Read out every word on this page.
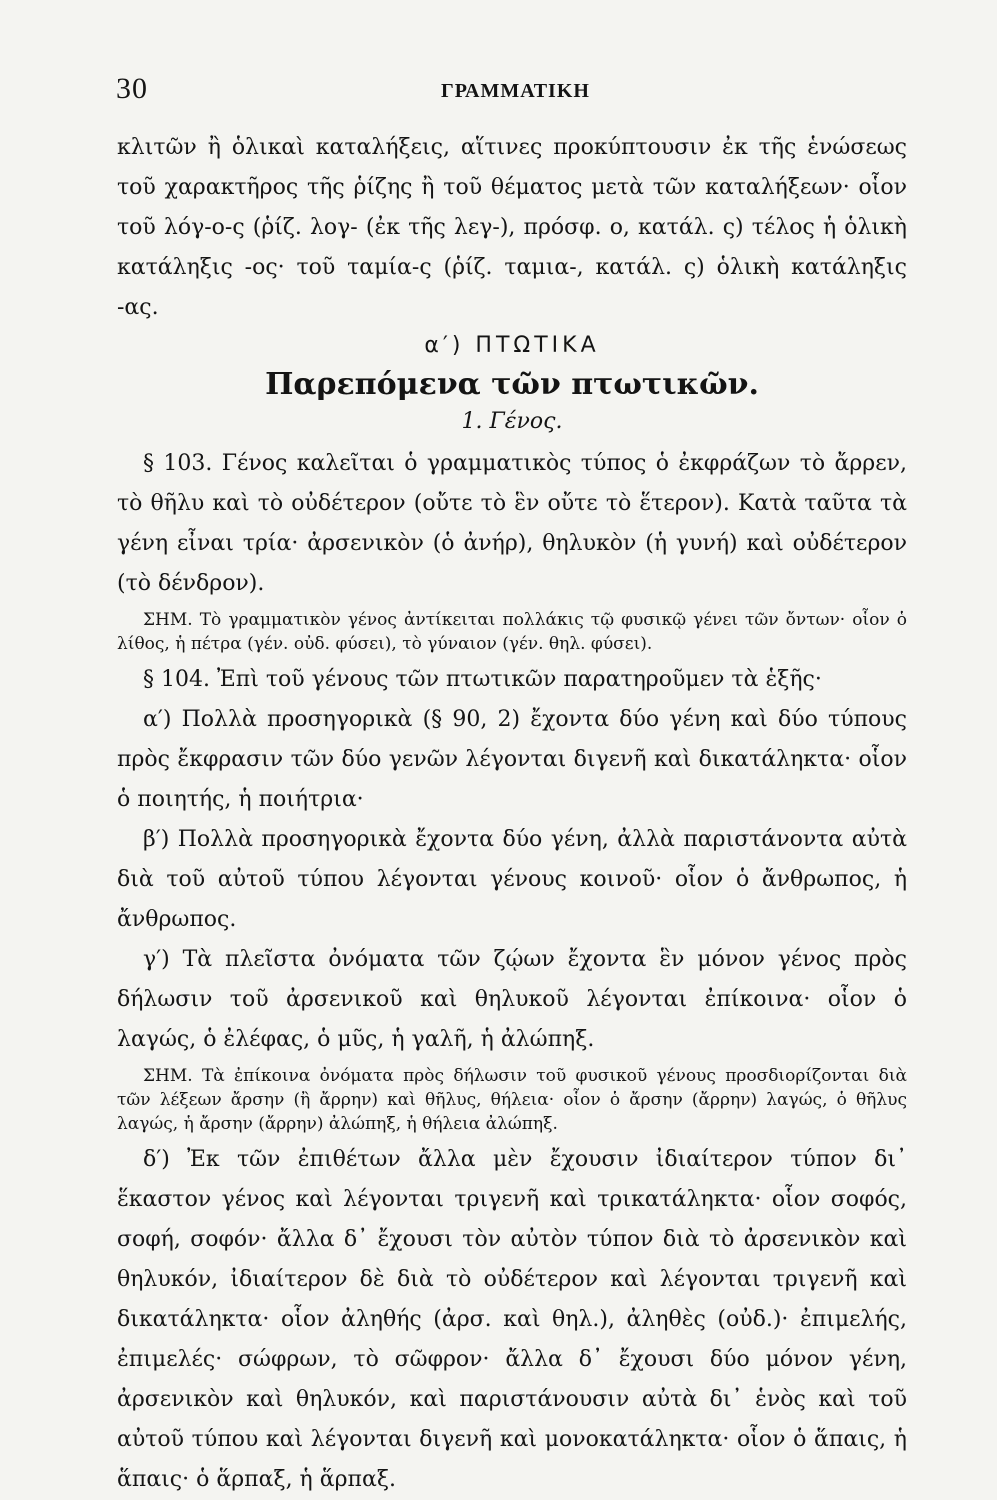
30	ΓΡΑΜΜΑΤΙΚΗ

κλιτῶν ἢ ὁλικαὶ καταλήξεις, αἵτινες προκύπτουσιν ἐκ τῆς ἑνώσεως τοῦ χαρακτῆρος τῆς ῥίζης ἢ τοῦ θέματος μετὰ τῶν καταλήξεων· οἷον τοῦ λόγ-ο-ς (ῥίζ. λογ- (ἐκ τῆς λεγ-), πρόσφ. ο, κατάλ. ς) τέλος ἡ ὁλικὴ κατάληξις -ος· τοῦ ταμία-ς (ῥίζ. ταμια-, κατάλ. ς) ὁλικὴ κατάληξις -ας.

α′) ΠΤΩΤΙΚΑ
Παρεπόμενα τῶν πτωτικῶν.
1. Γένος.

§ 103. Γένος καλεῖται ὁ γραμματικὸς τύπος ὁ ἐκφράζων τὸ ἄρρεν, τὸ θῆλυ καὶ τὸ οὐδέτερον (οὔτε τὸ ἓν οὔτε τὸ ἕτερον). Κατὰ ταῦτα τὰ γένη εἶναι τρία· ἀρσενικὸν (ὁ ἀνήρ), θηλυκὸν (ἡ γυνή) καὶ οὐδέτερον (τὸ δένδρον).

ΣΗΜ. Τὸ γραμματικὸν γένος ἀντίκειται πολλάκις τῷ φυσικῷ γένει τῶν ὄντων· οἷον ὁ λίθος, ἡ πέτρα (γέν. οὐδ. φύσει), τὸ γύναιον (γέν. θηλ. φύσει).

§ 104. Ἐπὶ τοῦ γένους τῶν πτωτικῶν παρατηροῦμεν τὰ ἑξῆς·

α′) Πολλὰ προσηγορικὰ (§ 90, 2) ἔχοντα δύο γένη καὶ δύο τύπους πρὸς ἔκφρασιν τῶν δύο γενῶν λέγονται διγενῆ καὶ δικατάληκτα· οἷον ὁ ποιητής, ἡ ποιήτρια·

β′) Πολλὰ προσηγορικὰ ἔχοντα δύο γένη, ἀλλὰ παριστάνοντα αὐτὰ διὰ τοῦ αὐτοῦ τύπου λέγονται γένους κοινοῦ· οἷον ὁ ἄνθρωπος, ἡ ἄνθρωπος.

γ′) Τὰ πλεῖστα ὀνόματα τῶν ζῴων ἔχοντα ἓν μόνον γένος πρὸς δήλωσιν τοῦ ἀρσενικοῦ καὶ θηλυκοῦ λέγονται ἐπίκοινα· οἷον ὁ λαγώς, ὁ ἐλέφας, ὁ μῦς, ἡ γαλῆ, ἡ ἀλώπηξ.

ΣΗΜ. Τὰ ἐπίκοινα ὀνόματα πρὸς δήλωσιν τοῦ φυσικοῦ γένους προσδιορίζονται διὰ τῶν λέξεων ἄρσην (ἢ ἄρρην) καὶ θῆλυς, θήλεια· οἷον ὁ ἄρσην (ἄρρην) λαγώς, ὁ θῆλυς λαγώς, ἡ ἄρσην (ἄρρην) ἀλώπηξ, ἡ θήλεια ἀλώπηξ.

δ′) Ἐκ τῶν ἐπιθέτων ἄλλα μὲν ἔχουσιν ἰδιαίτερον τύπον δι᾽ ἕκαστον γένος καὶ λέγονται τριγενῆ καὶ τρικατάληκτα· οἷον σοφός, σοφή, σοφόν· ἄλλα δ᾽ ἔχουσι τὸν αὐτὸν τύπον διὰ τὸ ἀρσενικὸν καὶ θηλυκόν, ἰδιαίτερον δὲ διὰ τὸ οὐδέτερον καὶ λέγονται τριγενῆ καὶ δικατάληκτα· οἷον ἀληθής (ἀρσ. καὶ θηλ.), ἀληθὲς (οὐδ.)· ἐπιμελής, ἐπιμελές· σώφρων, τὸ σῶφρον· ἄλλα δ᾽ ἔχουσι δύο μόνον γένη, ἀρσενικὸν καὶ θηλυκόν, καὶ παριστάνουσιν αὐτὰ δι᾽ ἑνὸς καὶ τοῦ αὐτοῦ τύπου καὶ λέγονται διγενῆ καὶ μονοκατάληκτα· οἷον ὁ ἅπαις, ἡ ἅπαις· ὁ ἅρπαξ, ἡ ἅρπαξ.
